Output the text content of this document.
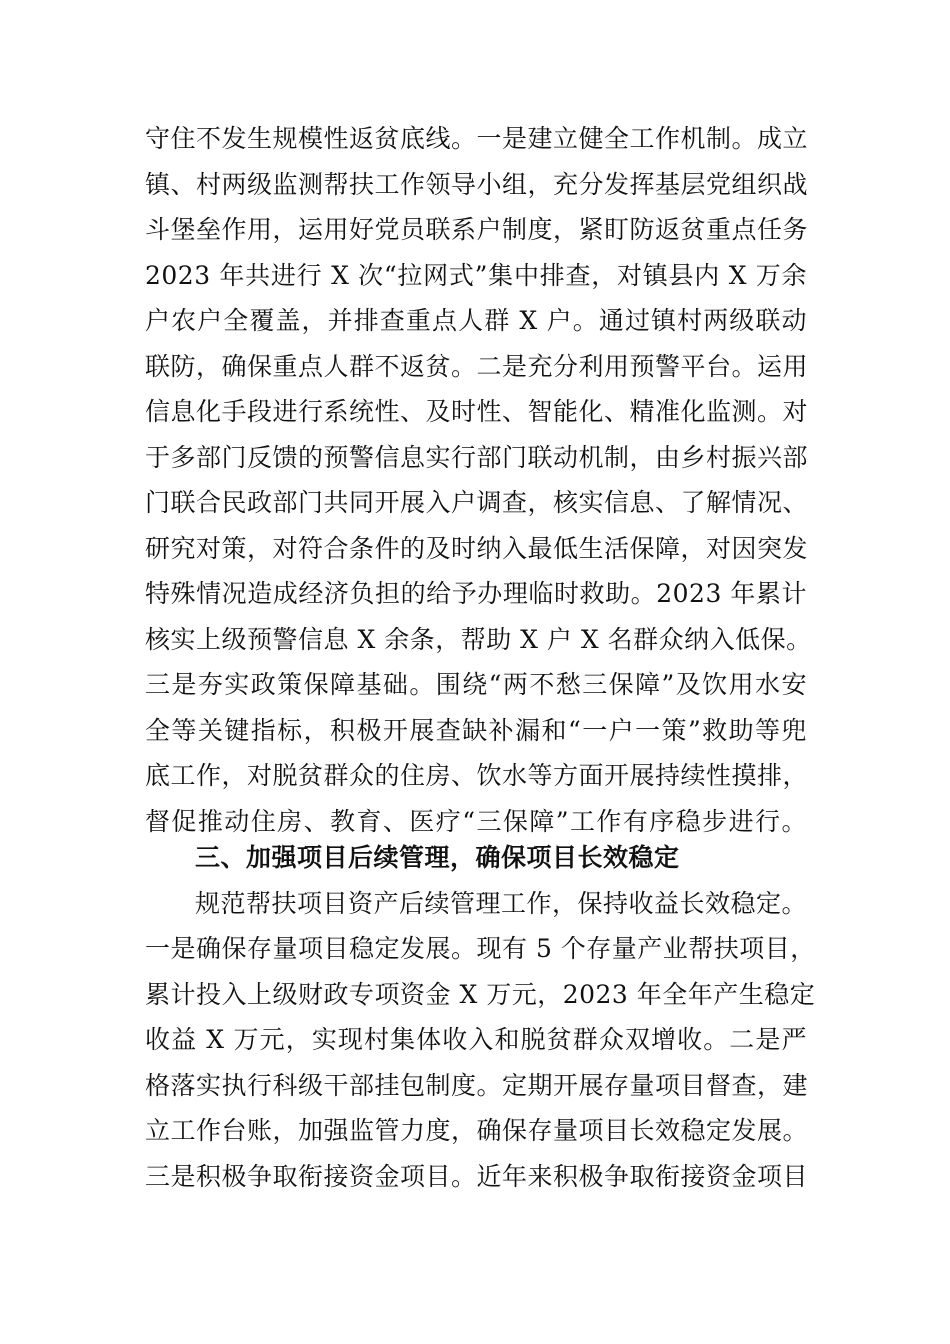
守住不发生规模性返贫底线。一是建立健全工作机制。成立
镇、村两级监测帮扶工作领导小组，充分发挥基层党组织战
斗堡垒作用，运用好党员联系户制度，紧盯防返贫重点任务
2023 年共进行 X 次“拉网式”集中排查，对镇县内 X 万余
户农户全覆盖，并排查重点人群 X 户。通过镇村两级联动
联防，确保重点人群不返贫。二是充分利用预警平台。运用
信息化手段进行系统性、及时性、智能化、精准化监测。对
于多部门反馈的预警信息实行部门联动机制，由乡村振兴部
门联合民政部门共同开展入户调查，核实信息、了解情况、
研究对策，对符合条件的及时纳入最低生活保障，对因突发
特殊情况造成经济负担的给予办理临时救助。2023 年累计
核实上级预警信息 X 余条，帮助 X 户 X 名群众纳入低保。
三是夯实政策保障基础。围绕“两不愁三保障”及饮用水安
全等关键指标，积极开展查缺补漏和“一户一策”救助等兜
底工作，对脱贫群众的住房、饮水等方面开展持续性摸排，
督促推动住房、教育、医疗“三保障”工作有序稳步进行。
三、加强项目后续管理，确保项目长效稳定
规范帮扶项目资产后续管理工作，保持收益长效稳定。
一是确保存量项目稳定发展。现有 5 个存量产业帮扶项目，
累计投入上级财政专项资金 X 万元，2023 年全年产生稳定
收益 X 万元，实现村集体收入和脱贫群众双增收。二是严
格落实执行科级干部挂包制度。定期开展存量项目督查，建
立工作台账，加强监管力度，确保存量项目长效稳定发展。
三是积极争取衔接资金项目。近年来积极争取衔接资金项目
